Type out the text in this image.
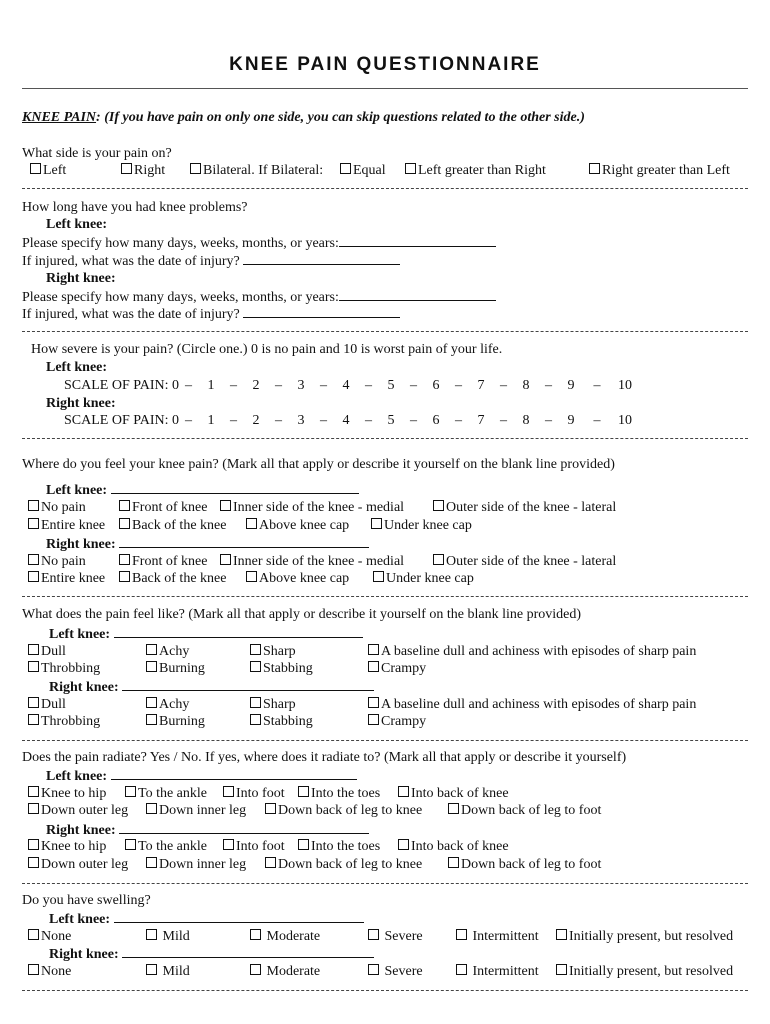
KNEE PAIN QUESTIONNAIRE
KNEE PAIN: (If you have pain on only one side, you can skip questions related to the other side.)
What side is your pain on?
Left	Right	Bilateral. If Bilateral:	Equal	Left greater than Right	Right greater than Left
How long have you had knee problems?
Left knee:
Please specify how many days, weeks, months, or years:
If injured, what was the date of injury?
Right knee:
Please specify how many days, weeks, months, or years:
If injured, what was the date of injury?
How severe is your pain? (Circle one.) 0 is no pain and 10 is worst pain of your life.
Left knee:
SCALE OF PAIN: 0 – 1 – 2 – 3 – 4 – 5 – 6 – 7 – 8 – 9 – 10
Right knee:
SCALE OF PAIN: 0 – 1 – 2 – 3 – 4 – 5 – 6 – 7 – 8 – 9 – 10
Where do you feel your knee pain? (Mark all that apply or describe it yourself on the blank line provided)
Left knee:
No pain	Front of knee	Inner side of the knee - medial	Outer side of the knee - lateral
Entire knee	Back of the knee	Above knee cap	Under knee cap
Right knee:
No pain	Front of knee	Inner side of the knee - medial	Outer side of the knee - lateral
Entire knee	Back of the knee	Above knee cap	Under knee cap
What does the pain feel like? (Mark all that apply or describe it yourself on the blank line provided)
Left knee:
Dull	Achy	Sharp	A baseline dull and achiness with episodes of sharp pain
Throbbing	Burning	Stabbing	Crampy
Right knee:
Dull	Achy	Sharp	A baseline dull and achiness with episodes of sharp pain
Throbbing	Burning	Stabbing	Crampy
Does the pain radiate? Yes / No. If yes, where does it radiate to? (Mark all that apply or describe it yourself)
Left knee:
Knee to hip	To the ankle	Into foot	Into the toes	Into back of knee
Down outer leg	Down inner leg	Down back of leg to knee	Down back of leg to foot
Right knee:
Knee to hip	To the ankle	Into foot	Into the toes	Into back of knee
Down outer leg	Down inner leg	Down back of leg to knee	Down back of leg to foot
Do you have swelling?
Left knee:
None	Mild	Moderate	Severe	Intermittent	Initially present, but resolved
Right knee:
None	Mild	Moderate	Severe	Intermittent	Initially present, but resolved
